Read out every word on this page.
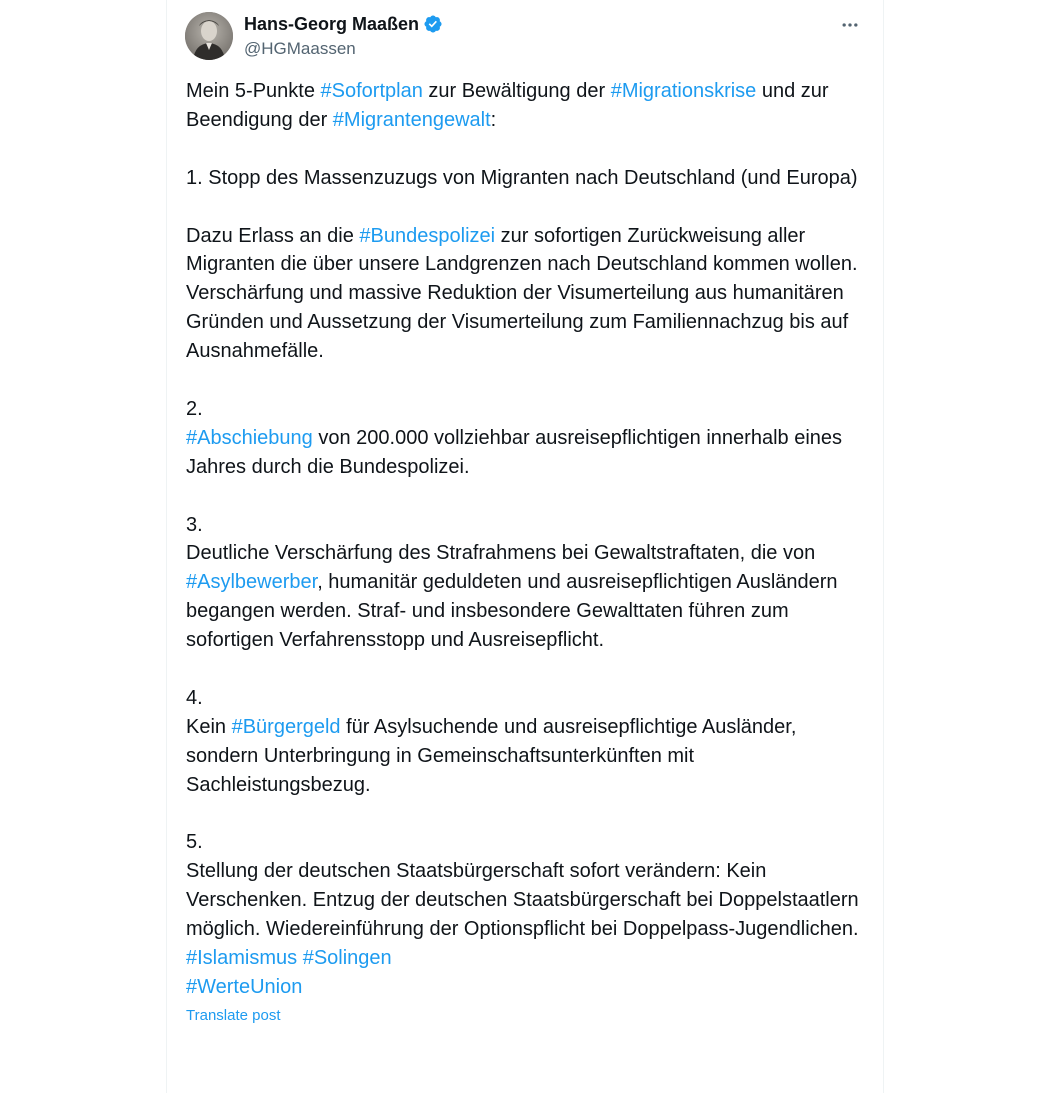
Hans-Georg Maaßen
@HGMaassen

Mein 5-Punkte #Sofortplan zur Bewältigung der #Migrationskrise und zur Beendigung der #Migrantengewalt:

1. Stopp des Massenzuzugs von Migranten nach Deutschland (und Europa)

Dazu Erlass an die #Bundespolizei zur sofortigen Zurückweisung aller Migranten die über unsere Landgrenzen nach Deutschland kommen wollen. Verschärfung und massive Reduktion der Visumerteilung aus humanitären Gründen und Aussetzung der Visumerteilung zum Familiennachzug bis auf Ausnahmefälle.

2.

#Abschiebung von 200.000 vollziehbar ausreisepflichtigen innerhalb eines Jahres durch die Bundespolizei.

3.

Deutliche Verschärfung des Strafrahmens bei Gewaltstraftaten, die von #Asylbewerber, humanitär geduldeten und ausreisepflichtigen Ausländern begangen werden. Straf- und insbesondere Gewalttaten führen zum sofortigen Verfahrensstopp und Ausreisepflicht.

4.

Kein #Bürgergeld für Asylsuchende und ausreisepflichtige Ausländer, sondern Unterbringung in Gemeinschaftsunterkünften mit Sachleistungsbezug.

5.

Stellung der deutschen Staatsbürgerschaft sofort verändern: Kein Verschenken. Entzug der deutschen Staatsbürgerschaft bei Doppelstaatlern möglich. Wiedereinführung der Optionspflicht bei Doppelpass-Jugendlichen.

#Islamismus #Solingen

#WerteUnion

Translate post
